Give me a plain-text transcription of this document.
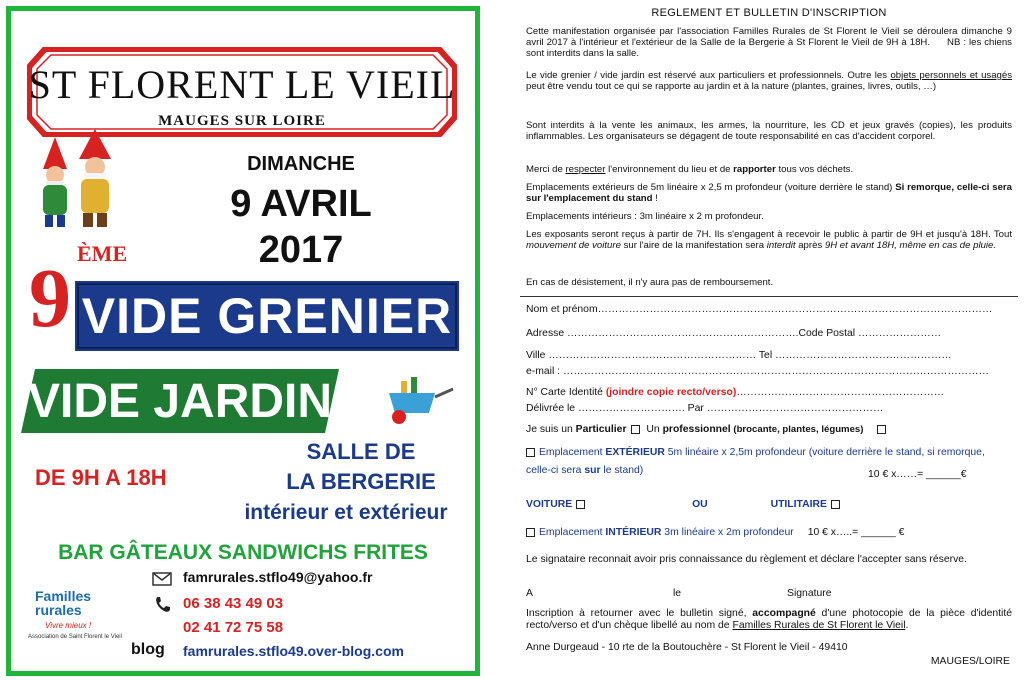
ST FLORENT LE VIEIL
MAUGES SUR LOIRE
DIMANCHE
9 AVRIL
2017
9 ÈME
VIDE GRENIER
VIDE JARDIN
DE 9H A 18H
SALLE DE
LA BERGERIE
intérieur et extérieur
BAR GÂTEAUX SANDWICHS FRITES
Familles rurales
Vivre mieux !
Association de Saint Florent le Vieil
famrurales.stflo49@yahoo.fr
06 38 43 49 03
02 41 72 75 58
blog famrurales.stflo49.over-blog.com
REGLEMENT ET BULLETIN D'INSCRIPTION
Cette manifestation organisée par l'association Familles Rurales de St Florent le Vieil se déroulera dimanche 9 avril 2017 à l'intérieur et l'extérieur de la Salle de la Bergerie à St Florent le Vieil de 9H à 18H. NB : les chiens sont interdits dans la salle.
Le vide grenier / vide jardin est réservé aux particuliers et professionnels. Outre les objets personnels et usagés peut être vendu tout ce qui se rapporte au jardin et à la nature (plantes, graines, livres, outils, …)
Sont interdits à la vente les animaux, les armes, la nourriture, les CD et jeux gravés (copies), les produits inflammables. Les organisateurs se dégagent de toute responsabilité en cas d'accident corporel.
Merci de respecter l'environnement du lieu et de rapporter tous vos déchets.
Emplacements extérieurs de 5m linéaire x 2,5 m profondeur (voiture derrière le stand) Si remorque, celle-ci sera sur l'emplacement du stand !
Emplacements intérieurs : 3m linéaire x 2 m profondeur.
Les exposants seront reçus à partir de 7H. Ils s'engagent à recevoir le public à partir de 9H et jusqu'à 18H. Tout mouvement de voiture sur l'aire de la manifestation sera interdit après 9H et avant 18H, même en cas de pluie.
En cas de désistement, il n'y aura pas de remboursement.
Nom et prénom……………………………………………………………………………………………………
Adresse ………………………………………………………….Code Postal ……………………
Ville …………………………………………………… Tel ……………………………………………
e-mail : ……………………………………………………………………………………………………………
N° Carte Identité (joindre copie recto/verso)……………………………………………………
Délivrée le …………………………. Par ……………………………………………
Je suis un Particulier Un professionnel (brocante, plantes, légumes)
Emplacement EXTÉRIEUR 5m linéaire x 2,5m profondeur (voiture derrière le stand, si remorque, celle-ci sera sur le stand)	10 € x……= ______€
VOITURE	OU	UTILITAIRE
Emplacement INTÉRIEUR 3m linéaire x 2m profondeur 10 € x…..= ______ €
Le signataire reconnait avoir pris connaissance du règlement et déclare l'accepter sans réserve.
A	le	Signature
Inscription à retourner avec le bulletin signé, accompagné d'une photocopie de la pièce d'identité recto/verso et d'un chèque libellé au nom de Familles Rurales de St Florent le Vieil.
Anne Durgeaud - 10 rte de la Boutouchère - St Florent le Vieil - 49410
MAUGES/LOIRE
